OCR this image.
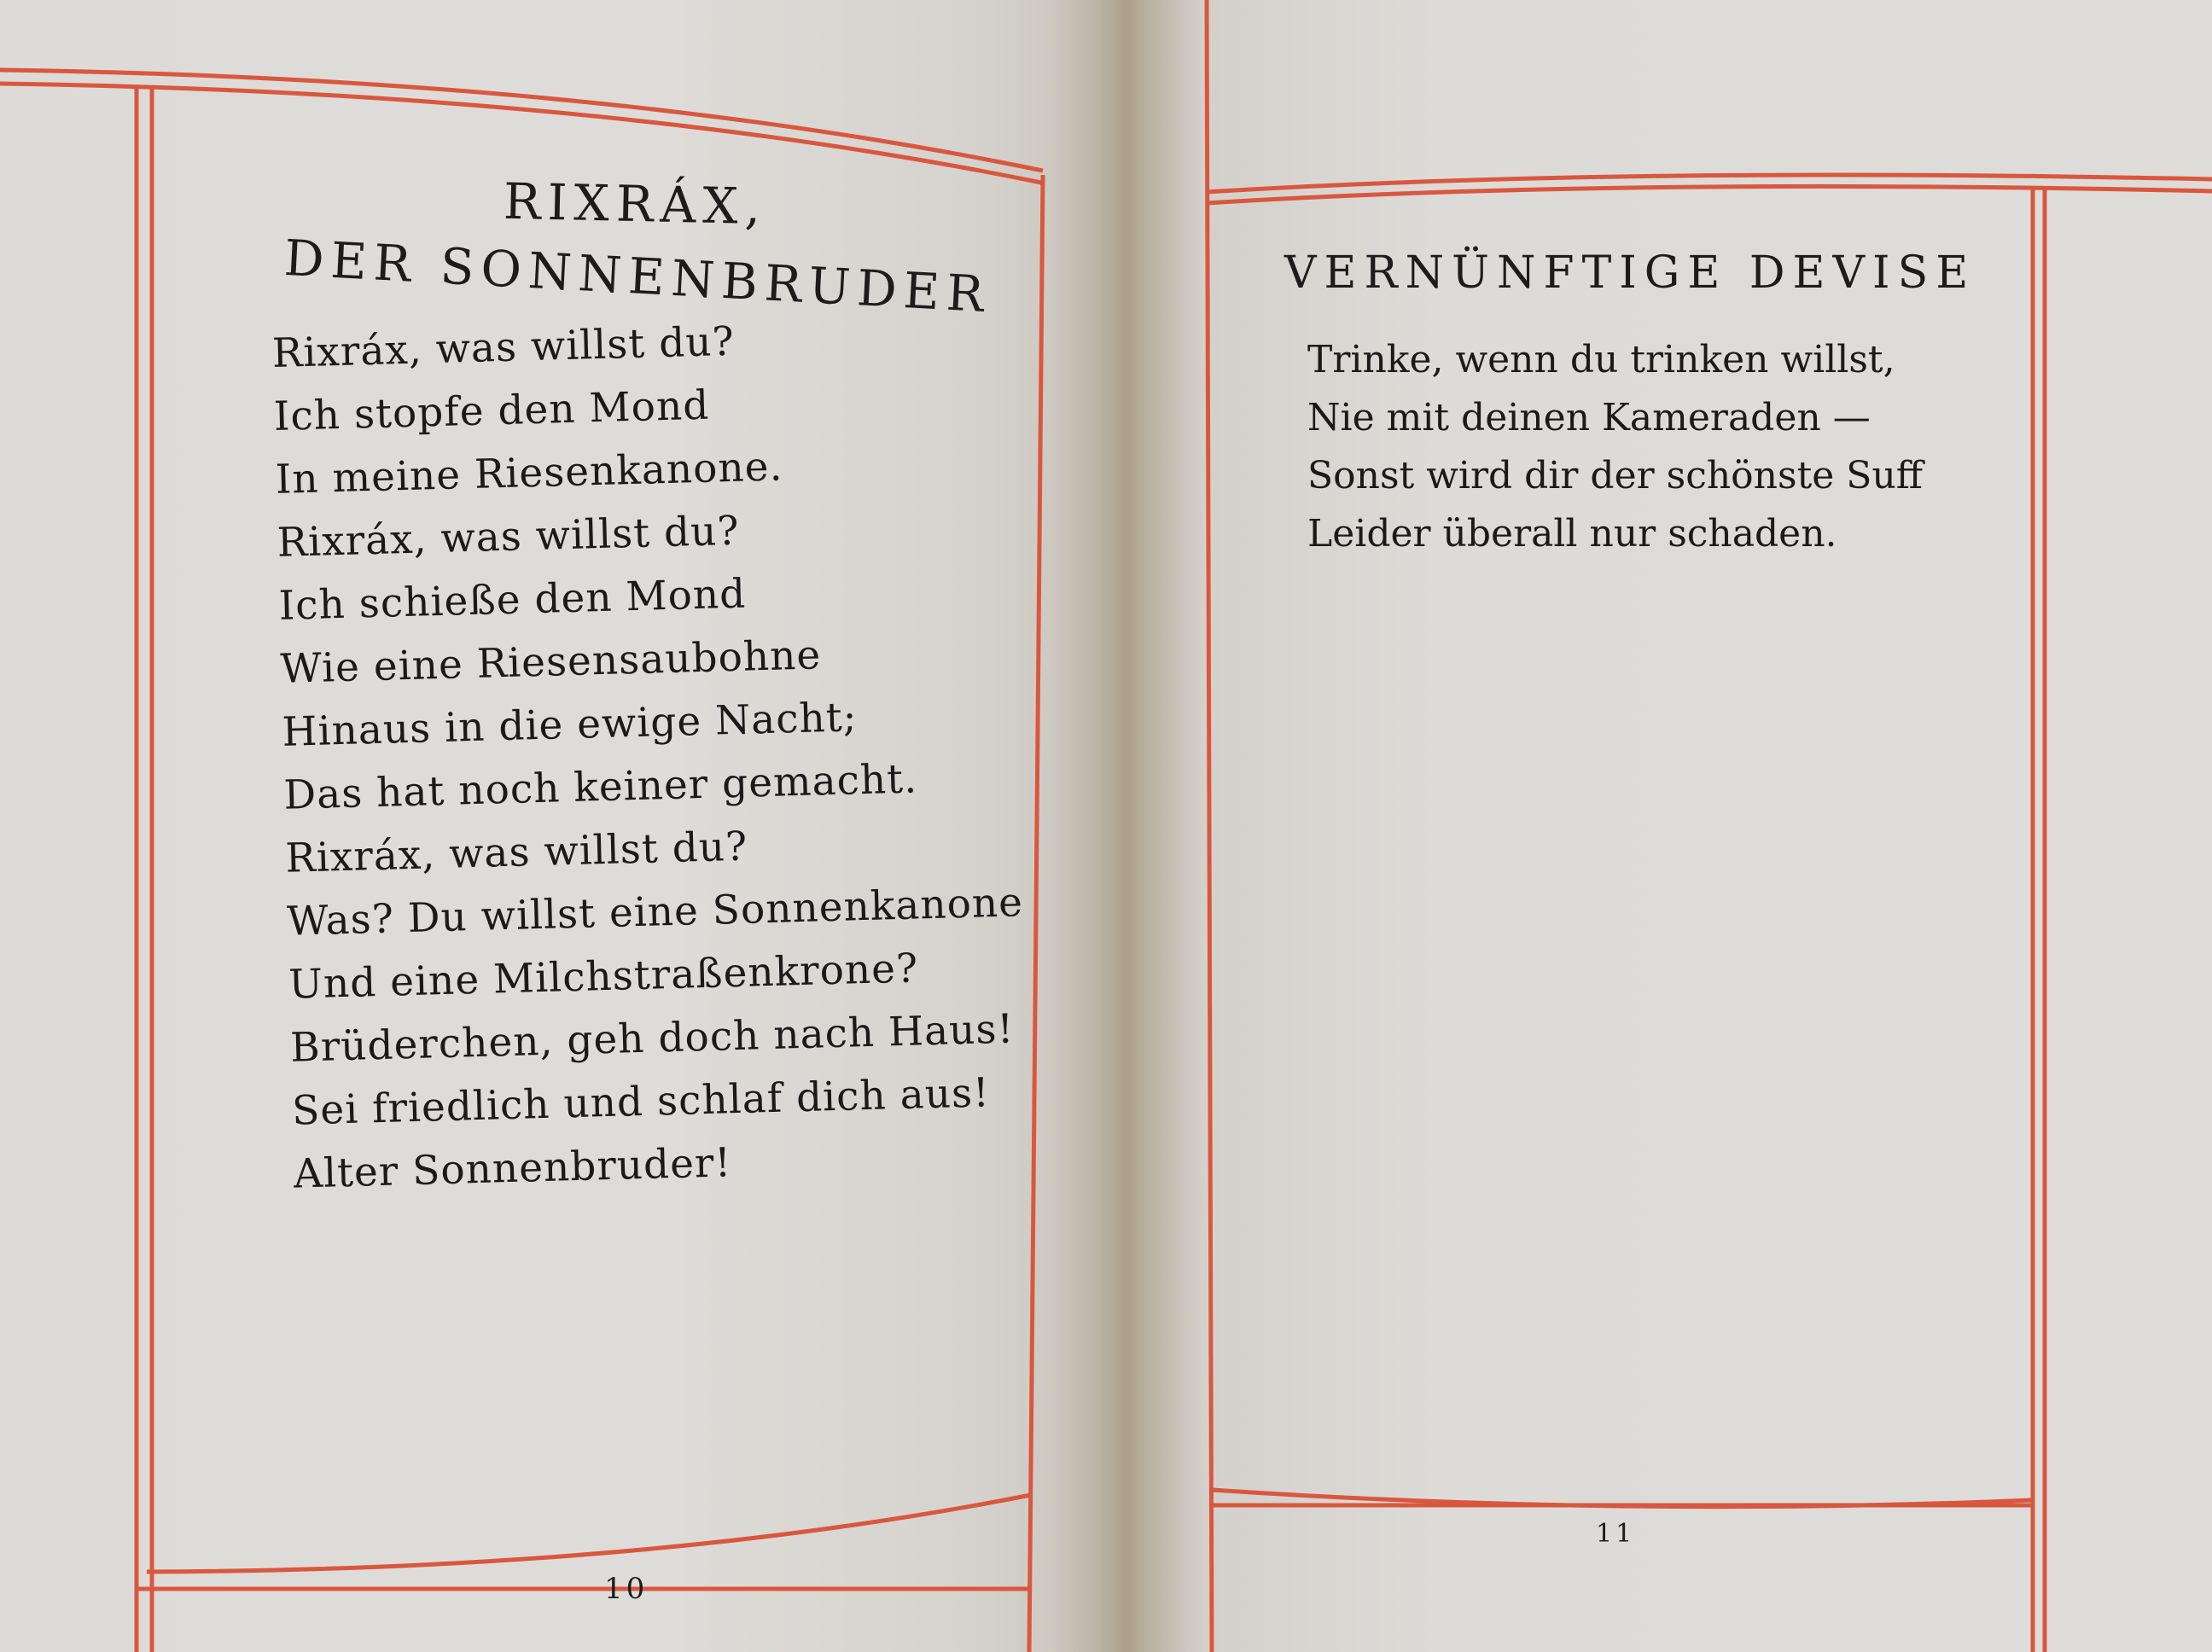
RIXRÁX,
DER SONNENBRUDER
Rixráx, was willst du?
Ich stopfe den Mond
In meine Riesenkanone.
Rixráx, was willst du?
Ich schieße den Mond
Wie eine Riesensaubohne
Hinaus in die ewige Nacht;
Das hat noch keiner gemacht.
Rixráx, was willst du?
Was? Du willst eine Sonnenkanone
Und eine Milchstraßenkrone?
Brüderchen, geh doch nach Haus!
Sei friedlich und schlaf dich aus!
Alter Sonnenbruder!
10
VERNÜNFTIGE DEVISE
Trinke, wenn du trinken willst,
Nie mit deinen Kameraden —
Sonst wird dir der schönste Suff
Leider überall nur schaden.
11
